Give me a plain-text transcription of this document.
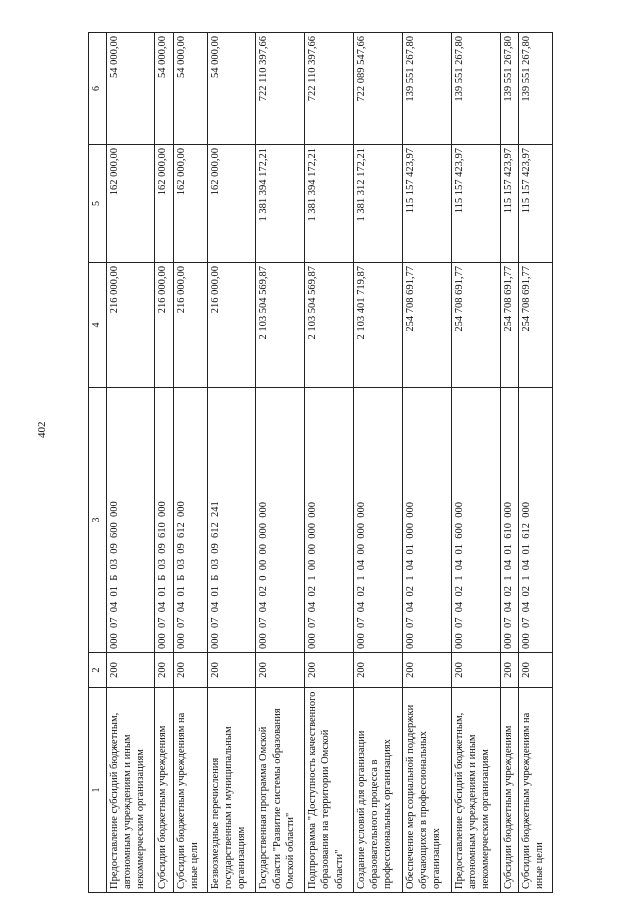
402
1	2	3	4	5	6
Предоставление субсидий бюджетным, автономным учреждениям и иным некоммерческим организациям	200	000  07  04  01  Б  03  09  600  000	216 000,00	162 000,00	54 000,00
Субсидии бюджетным учреждениям	200	000  07  04  01  Б  03  09  610  000	216 000,00	162 000,00	54 000,00
Субсидии бюджетным учреждениям на иные цели	200	000  07  04  01  Б  03  09  612  000	216 000,00	162 000,00	54 000,00
Безвозмездные перечисления государственным и муниципальным организациям	200	000  07  04  01  Б  03  09  612  241	216 000,00	162 000,00	54 000,00
Государственная программа Омской области "Развитие системы образования Омской области"	200	000  07  04  02  0  00  00  000  000	2 103 504 569,87	1 381 394 172,21	722 110 397,66
Подпрограмма "Доступность качественного образования на территории Омской области"	200	000  07  04  02  1  00  00  000  000	2 103 504 569,87	1 381 394 172,21	722 110 397,66
Создание условий для организации образовательного процесса в профессиональных организациях	200	000  07  04  02  1  04  00  000  000	2 103 401 719,87	1 381 312 172,21	722 089 547,66
Обеспечение мер социальной поддержки обучающихся в профессиональных организациях	200	000  07  04  02  1  04  01  000  000	254 708 691,77	115 157 423,97	139 551 267,80
Предоставление субсидий бюджетным, автономным учреждениям и иным некоммерческим организациям	200	000  07  04  02  1  04  01  600  000	254 708 691,77	115 157 423,97	139 551 267,80
Субсидии бюджетным учреждениям	200	000  07  04  02  1  04  01  610  000	254 708 691,77	115 157 423,97	139 551 267,80
Субсидии бюджетным учреждениям на иные цели	200	000  07  04  02  1  04  01  612  000	254 708 691,77	115 157 423,97	139 551 267,80
